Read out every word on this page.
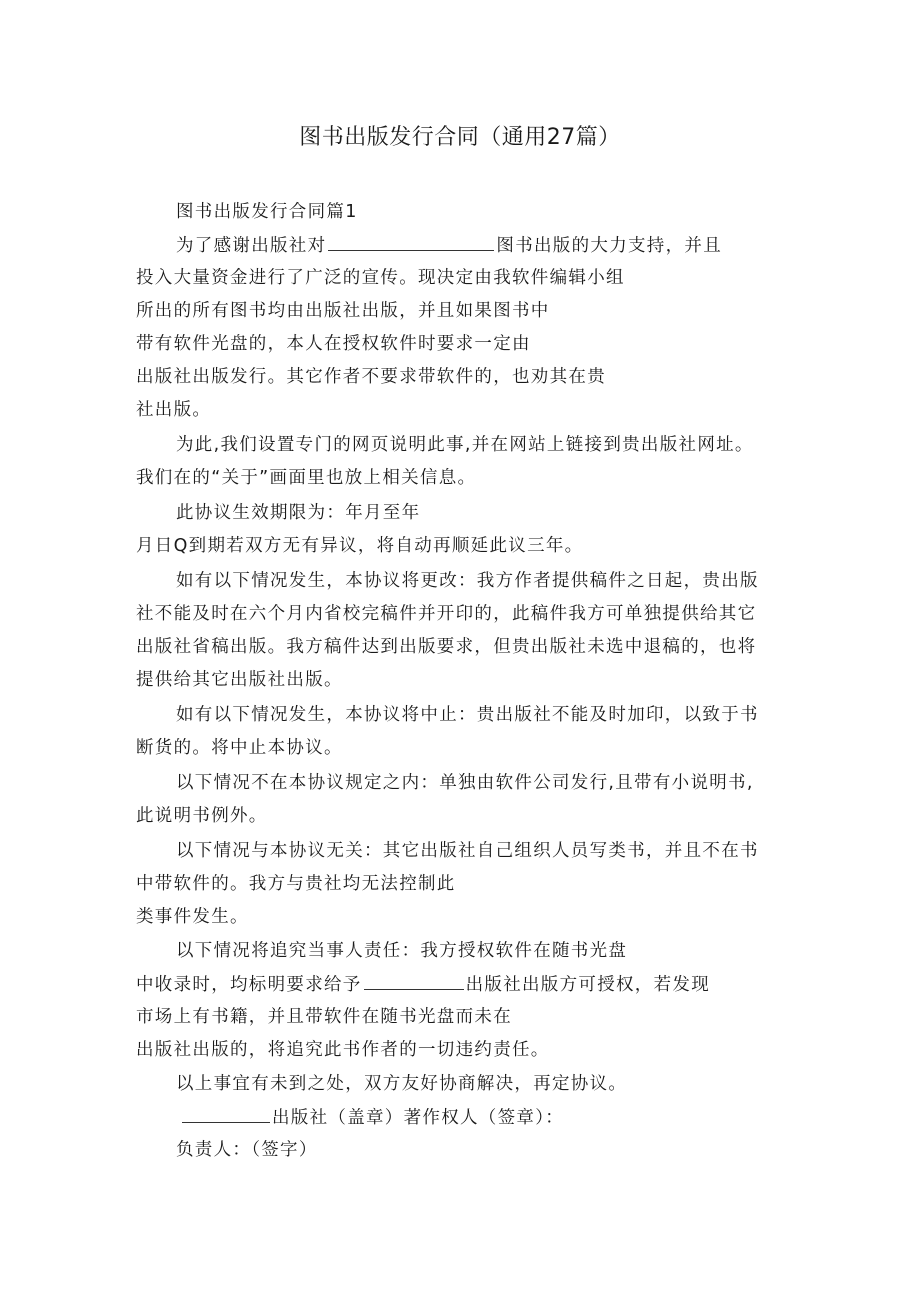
图书出版发行合同（通用27篇）
图书出版发行合同篇1
为了感谢出版社对	图书出版的大力支持，并且
投入大量资金进行了广泛的宣传。现决定由我软件编辑小组
所出的所有图书均由出版社出版，并且如果图书中
带有软件光盘的，本人在授权软件时要求一定由
出版社出版发行。其它作者不要求带软件的，也劝其在贵
社出版。
为此,我们设置专门的网页说明此事,并在网站上链接到贵出版社网址。
我们在的“关于”画面里也放上相关信息。
此协议生效期限为：年月至年
月日Q到期若双方无有异议，将自动再顺延此议三年。
如有以下情况发生，本协议将更改：我方作者提供稿件之日起，贵出版
社不能及时在六个月内省校完稿件并开印的，此稿件我方可单独提供给其它
出版社省稿出版。我方稿件达到出版要求，但贵出版社未选中退稿的，也将
提供给其它出版社出版。
如有以下情况发生，本协议将中止：贵出版社不能及时加印，以致于书
断货的。将中止本协议。
以下情况不在本协议规定之内：单独由软件公司发行,且带有小说明书,
此说明书例外。
以下情况与本协议无关：其它出版社自己组织人员写类书，并且不在书
中带软件的。我方与贵社均无法控制此
类事件发生。
以下情况将追究当事人责任：我方授权软件在随书光盘
中收录时，均标明要求给予	出版社出版方可授权，若发现
市场上有书籍，并且带软件在随书光盘而未在
出版社出版的，将追究此书作者的一切违约责任。
以上事宜有未到之处，双方友好协商解决，再定协议。
出版社（盖章）著作权人（签章）：
负责人：（签字）
